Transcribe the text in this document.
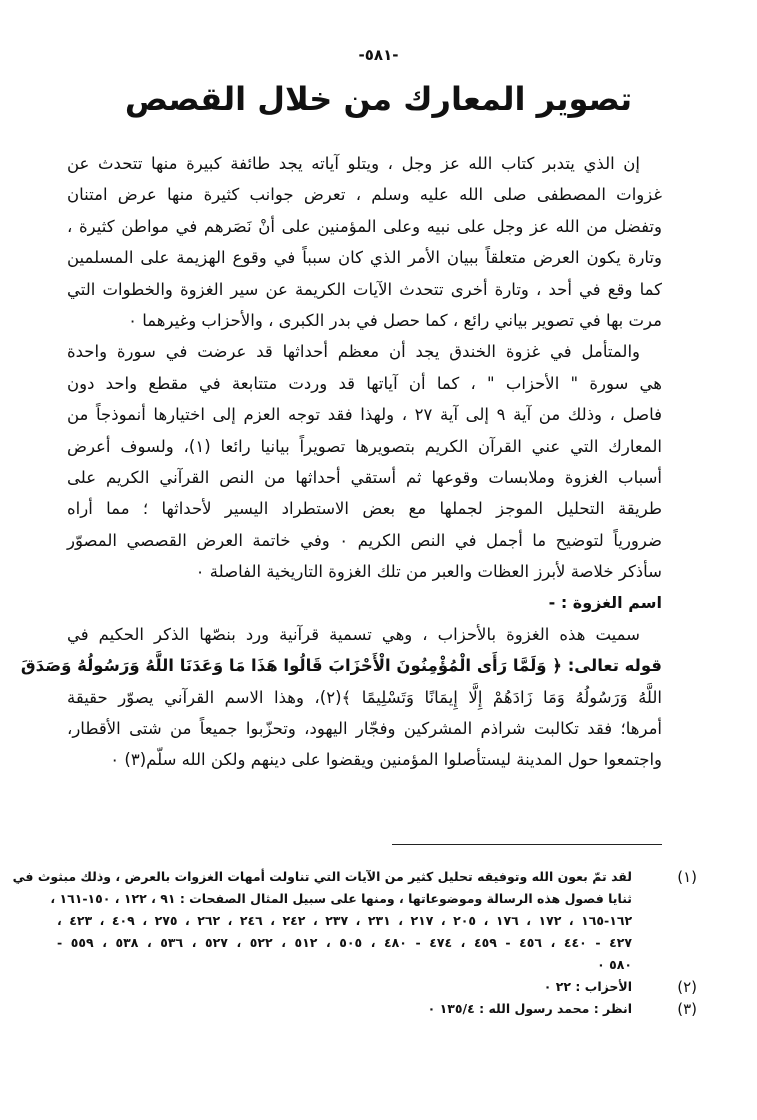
-٥٨١-
تصوير المعارك من خلال القصص
إن الذي يتدبر كتاب الله عز وجل ، ويتلو آياته يجد طائفة كبيرة منها تتحدث عن
غزوات المصطفى صلى الله عليه وسلم ، تعرض جوانب كثيرة منها عرض امتنان
وتفضل من الله عز وجل على نبيه وعلى المؤمنين على أنْ نَصَرهم في مواطن كثيرة ،
وتارة يكون العرض متعلقاً ببيان الأمر الذي كان سبباً في وقوع الهزيمة على المسلمين
كما وقع في أحد ، وتارة أخرى تتحدث الآيات الكريمة عن سير الغزوة والخطوات التي
مرت بها في تصوير بياني رائع ، كما حصل في بدر الكبرى ، والأحزاب وغيرهما ٠
والمتأمل في غزوة الخندق يجد أن معظم أحداثها قد عرضت في سورة واحدة
هي سورة " الأحزاب " ، كما أن آياتها قد وردت متتابعة في مقطع واحد دون
فاصل ، وذلك من آية ٩ إلى آية ٢٧ ، ولهذا فقد توجه العزم إلى اختيارها أنموذجاً من
المعارك التي عني القرآن الكريم بتصويرها تصويراً بيانيا رائعا (١)، ولسوف أعرض
أسباب الغزوة وملابسات وقوعها ثم أستقي أحداثها من النص القرآني الكريم على
طريقة التحليل الموجز لجملها مع بعض الاستطراد اليسير لأحداثها ؛ مما أراه
ضرورياً لتوضيح ما أجمل في النص الكريم ٠ وفي خاتمة العرض القصصي المصوّر
سأذكر خلاصة لأبرز العظات والعبر من تلك الغزوة التاريخية الفاصلة ٠
اسم الغزوة : -
سميت هذه الغزوة بالأحزاب ، وهي تسمية قرآنية ورد بنصّها الذكر الحكيم في
قوله تعالى: ﴿ وَلَمَّا رَأَى الْمُؤْمِنُونَ الْأَحْزَابَ قَالُوا هَذَا مَا وَعَدَنَا اللَّهُ وَرَسُولُهُ وَصَدَقَ
اللَّهُ وَرَسُولُهُ وَمَا زَادَهُمْ إِلَّا إِيمَانًا وَتَسْلِيمًا ﴾(٢)، وهذا الاسم القرآني يصوّر حقيقة
أمرها؛ فقد تكالبت شراذم المشركين وفجّار اليهود، وتحزّبوا جميعاً من شتى الأقطار،
واجتمعوا حول المدينة ليستأصلوا المؤمنين ويقضوا على دينهم ولكن الله سلّم(٣) ٠
(١)
لقد تمّ بعون الله وتوفيقه تحليل كثير من الآيات التي تناولت أمهات الغزوات بالعرض ، وذلك مبثوث في
ثنايا فصول هذه الرسالة وموضوعاتها ، ومنها على سبيل المثال الصفحات : ٩١ ، ١٢٢ ، ١٥٠-١٦١ ،
١٦٢-١٦٥ ، ١٧٢ ، ١٧٦ ، ٢٠٥ ، ٢١٧ ، ٢٣١ ، ٢٣٧ ، ٢٤٢ ، ٢٤٦ ، ٢٦٢ ، ٢٧٥ ، ٤٠٩ ، ٤٢٣ ،
٤٢٧ - ٤٤٠ ، ٤٥٦ - ٤٥٩ ، ٤٧٤ - ٤٨٠ ، ٥٠٥ ، ٥١٢ ، ٥٢٢ ، ٥٢٧ ، ٥٣٦ ، ٥٣٨ ، ٥٥٩ -
٥٨٠ ٠
(٢)
الأحزاب : ٢٢ ٠
(٣)
انظر : محمد رسول الله : ١٣٥/٤ ٠
